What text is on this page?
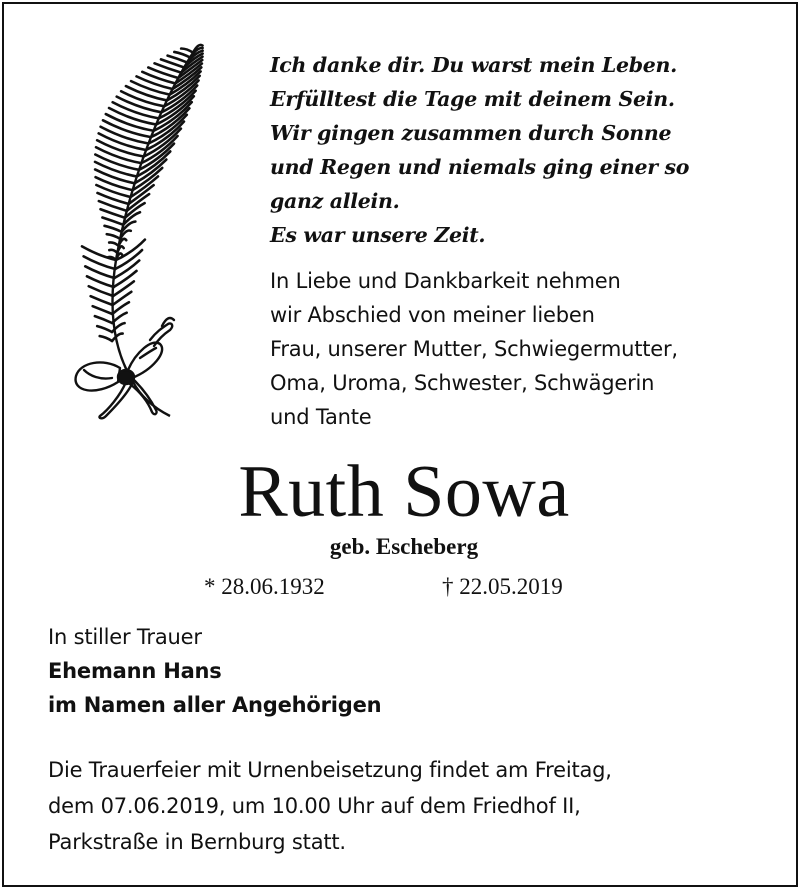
Ich danke dir. Du warst mein Leben.
Erfülltest die Tage mit deinem Sein.
Wir gingen zusammen durch Sonne
und Regen und niemals ging einer so
ganz allein.
Es war unsere Zeit.
In Liebe und Dankbarkeit nehmen
wir Abschied von meiner lieben
Frau, unserer Mutter, Schwiegermutter,
Oma, Uroma, Schwester, Schwägerin
und Tante
Ruth Sowa
geb. Escheberg
* 28.06.1932	† 22.05.2019
In stiller Trauer
Ehemann Hans
im Namen aller Angehörigen
Die Trauerfeier mit Urnenbeisetzung findet am Freitag,
dem 07.06.2019, um 10.00 Uhr auf dem Friedhof II,
Parkstraße in Bernburg statt.
